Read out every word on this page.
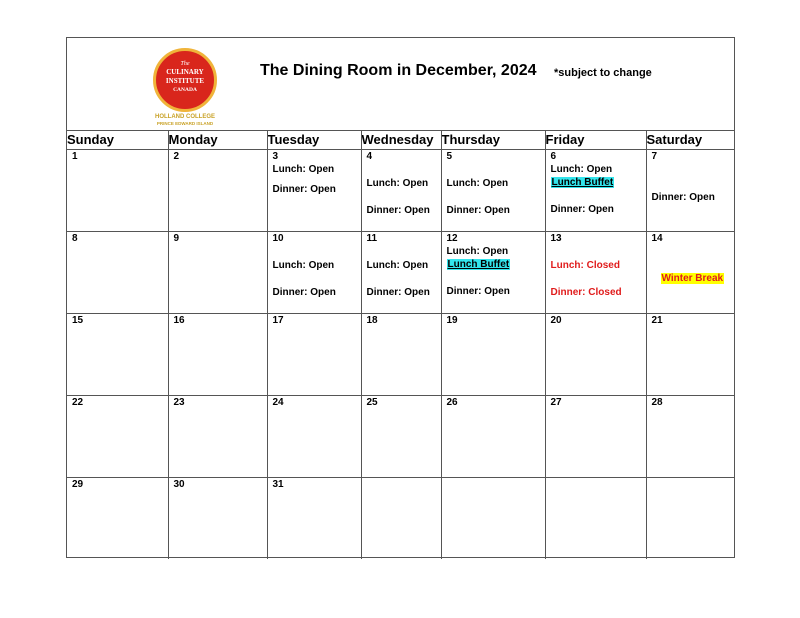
The
CULINARY
INSTITUTE
CANADA
HOLLAND COLLEGE
PRINCE EDWARD ISLAND
The Dining Room in December, 2024 *subject to change
Sunday	Monday	Tuesday	Wednesday	Thursday	Friday	Saturday

1	2	3
Lunch: Open
Dinner: Open	4
Lunch: Open
Dinner: Open	5
Lunch: Open
Dinner: Open	6
Lunch: Open
Lunch Buffet
Dinner: Open	7
Dinner: Open

8	9	10
Lunch: Open
Dinner: Open	11
Lunch: Open
Dinner: Open	12
Lunch: Open
Lunch Buffet
Dinner: Open	13
Lunch: Closed
Dinner: Closed	14
Winter Break

15	16	17	18	19	20	21

22	23	24	25	26	27	28

29	30	31				
